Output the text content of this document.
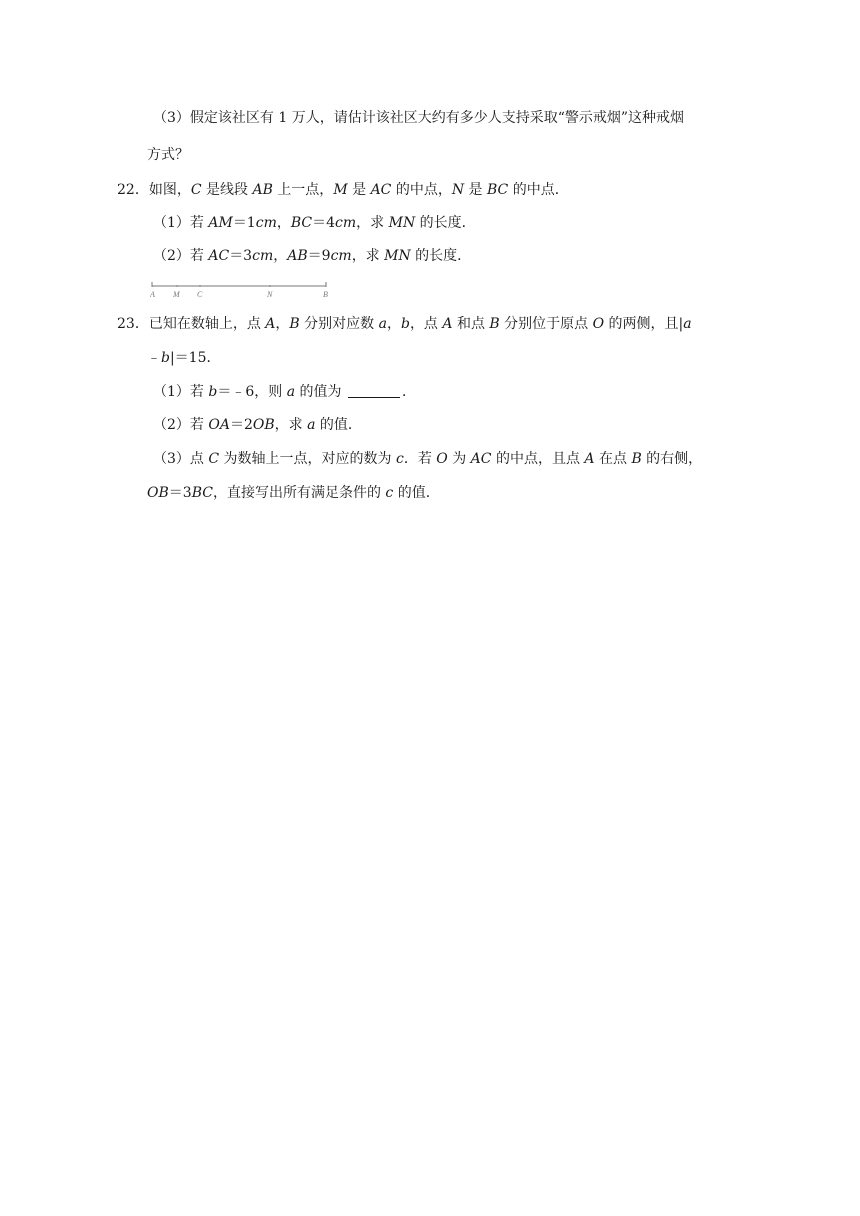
（3）假定该社区有 1 万人，请估计该社区大约有多少人支持采取“警示戒烟”这种戒烟
方式？
22．如图，C 是线段 AB 上一点，M 是 AC 的中点，N 是 BC 的中点．
（1）若 AM＝1cm，BC＝4cm，求 MN 的长度．
（2）若 AC＝3cm，AB＝9cm，求 MN 的长度．
A M C	N	B
23．已知在数轴上，点 A，B 分别对应数 a，b，点 A 和点 B 分别位于原点 O 的两侧，且|a
﹣b|＝15．
（1）若 b＝﹣6，则 a 的值为	．
（2）若 OA＝2OB，求 a 的值．
（3）点 C 为数轴上一点，对应的数为 c．若 O 为 AC 的中点，且点 A 在点 B 的右侧，
OB＝3BC，直接写出所有满足条件的 c 的值．
